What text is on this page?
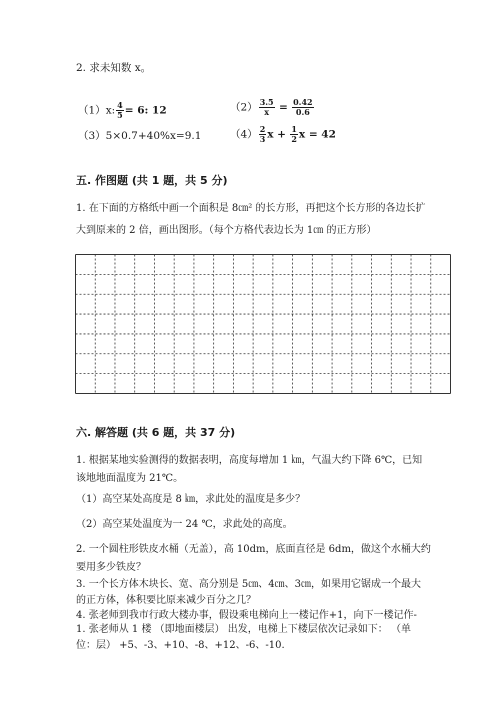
2. 求未知数 x。
（1）x: $\frac{4}{5} = 6$: 12	$(2) \frac{3.5}{x} = \frac{0.42}{0.6}$
（3）5×0.7+40%x=9.1	$(4) \frac{2}{3}$ $x + \frac{1}{2}$ x = 42
五. 作图题 (共 1 题，共 5 分)
1. 在下面的方格纸中画一个面积是 8㎝² 的长方形，再把这个长方形的各边长扩
大到原来的 2 倍，画出图形。（每个方格代表边长为 1㎝ 的正方形）
六. 解答题 (共 6 题，共 37 分)
1. 根据某地实验测得的数据表明，高度每增加 1 ㎞，气温大约下降 6℃，已知
该地地面温度为 21℃。
（1）高空某处高度是 8 ㎞，求此处的温度是多少？
（2）高空某处温度为一 24 ℃，求此处的高度。
2. 一个圆柱形铁皮水桶（无盖），高 10dm，底面直径是 6dm，做这个水桶大约
要用多少铁皮？
3. 一个长方体木块长、宽、高分别是 5㎝、4㎝、3㎝，如果用它锯成一个最大
的正方体，体积要比原来减少百分之几？
4. 张老师到我市行政大楼办事，假设乘电梯向上一楼记作+1，向下一楼记作-
1. 张老师从 1 楼 （即地面楼层） 出发，电梯上下楼层依次记录如下： （单
位：层） +5、-3、+10、-8、+12、-6、-10.
